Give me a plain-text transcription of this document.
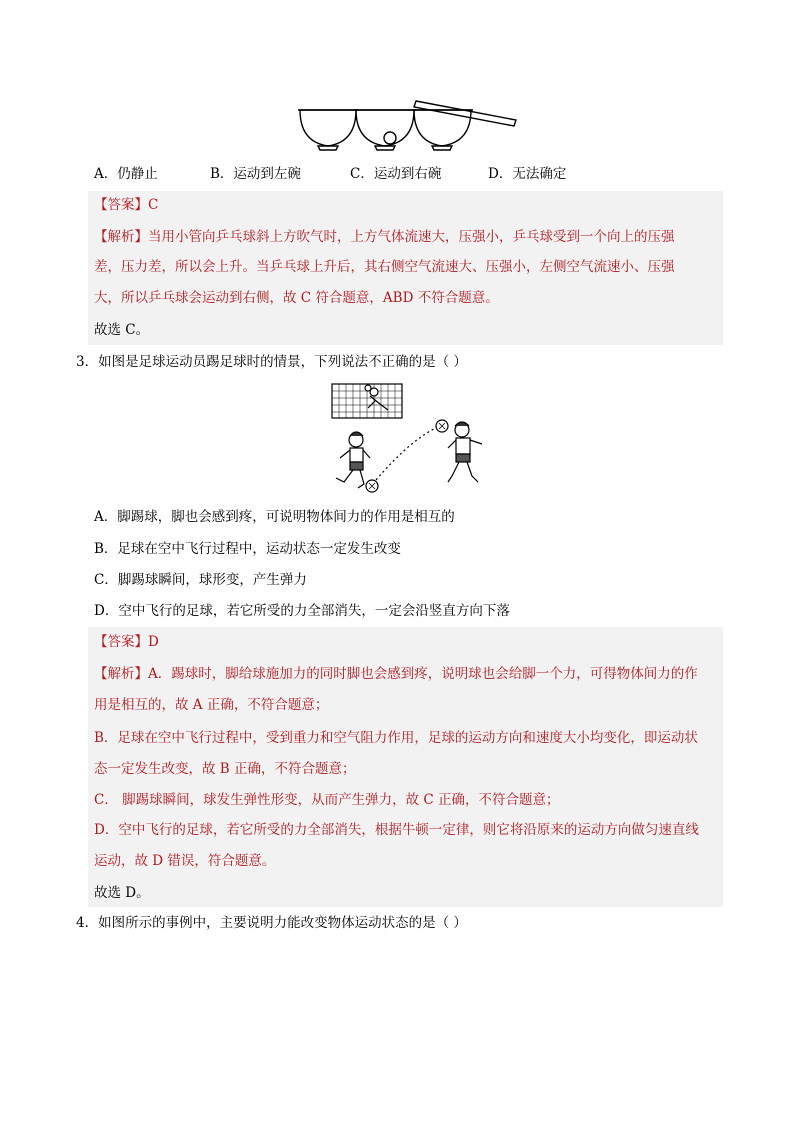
A．仍静止	B．运动到左碗	C．运动到右碗	D．无法确定
【答案】C
【解析】当用小管向乒乓球斜上方吹气时，上方气体流速大，压强小，乒乓球受到一个向上的压强
差，压力差，所以会上升。当乒乓球上升后，其右侧空气流速大、压强小，左侧空气流速小、压强
大，所以乒乓球会运动到右侧，故 C 符合题意，ABD 不符合题意。
故选 C。
3．如图是足球运动员踢足球时的情景，下列说法不正确的是（ ）
A．脚踢球，脚也会感到疼，可说明物体间力的作用是相互的
B．足球在空中飞行过程中，运动状态一定发生改变
C．脚踢球瞬间，球形变，产生弹力
D．空中飞行的足球，若它所受的力全部消失，一定会沿竖直方向下落
【答案】D
【解析】A．踢球时，脚给球施加力的同时脚也会感到疼，说明球也会给脚一个力，可得物体间力的作
用是相互的，故 A 正确，不符合题意；
B．足球在空中飞行过程中，受到重力和空气阻力作用，足球的运动方向和速度大小均变化，即运动状
态一定发生改变，故 B 正确，不符合题意；
C． 脚踢球瞬间，球发生弹性形变，从而产生弹力，故 C 正确，不符合题意；
D．空中飞行的足球，若它所受的力全部消失，根据牛顿一定律，则它将沿原来的运动方向做匀速直线
运动，故 D 错误，符合题意。
故选 D。
4．如图所示的事例中，主要说明力能改变物体运动状态的是（ ）
